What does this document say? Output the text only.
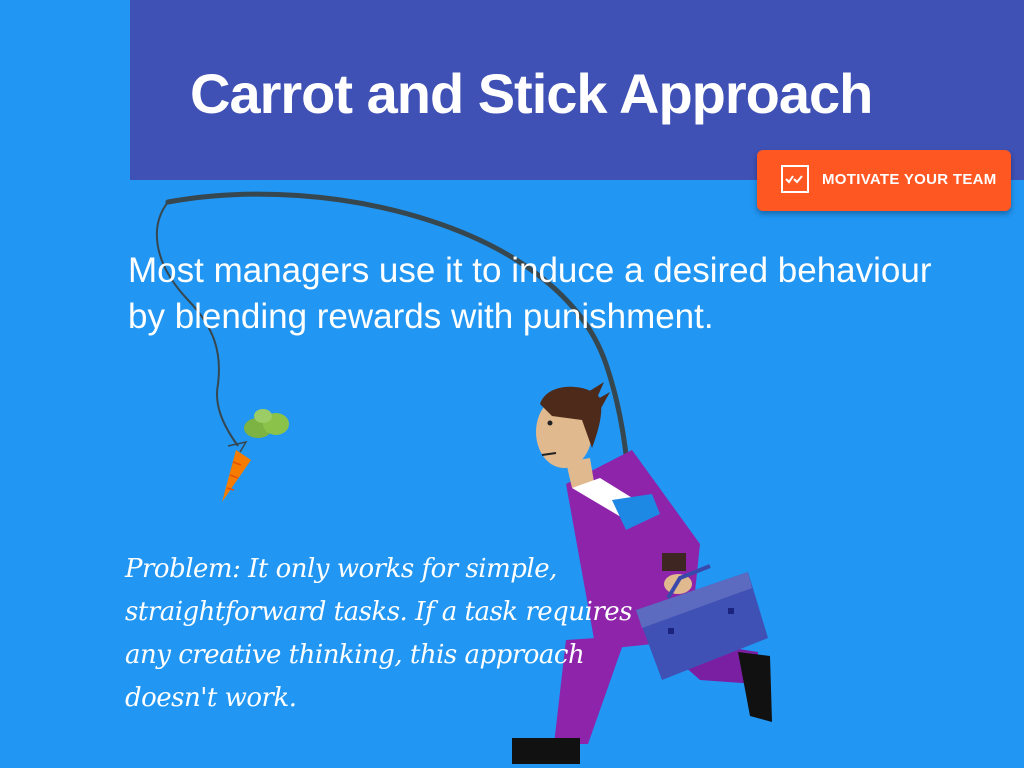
Carrot and Stick Approach
MOTIVATE YOUR TEAM

Most managers use it to induce a desired behaviour by blending rewards with punishment.

Problem: It only works for simple, straightforward tasks. If a task requires any creative thinking, this approach doesn't work.
